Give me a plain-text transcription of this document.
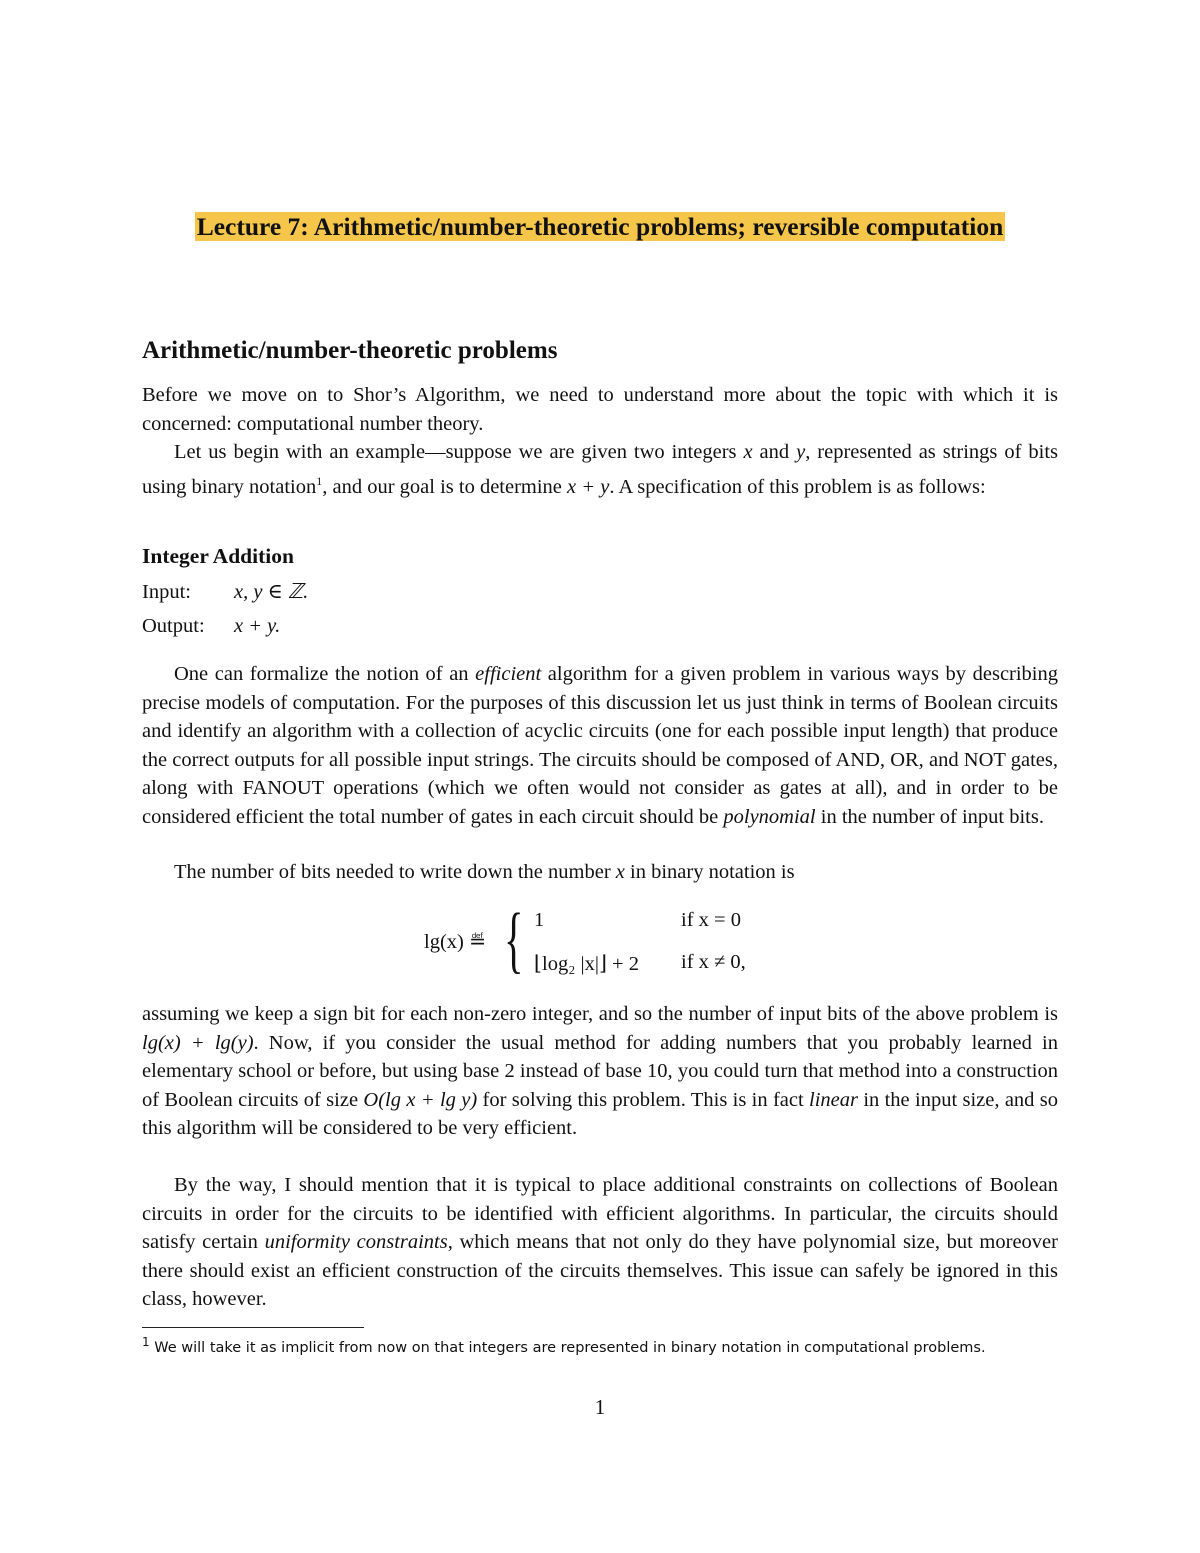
Lecture 7: Arithmetic/number-theoretic problems; reversible computation
Arithmetic/number-theoretic problems

Before we move on to Shor’s Algorithm, we need to understand more about the topic with which it is concerned: computational number theory.

Let us begin with an example—suppose we are given two integers x and y, represented as strings of bits using binary notation$^1$, and our goal is to determine x + y. A specification of this problem is as follows:

Integer Addition
Input: x, y ∈ ℤ.
Output: x + y.

One can formalize the notion of an efficient algorithm for a given problem in various ways by describing precise models of computation. For the purposes of this discussion let us just think in terms of Boolean circuits and identify an algorithm with a collection of acyclic circuits (one for each possible input length) that produce the correct outputs for all possible input strings. The circuits should be composed of AND, OR, and NOT gates, along with FANOUT operations (which we often would not consider as gates at all), and in order to be considered efficient the total number of gates in each circuit should be polynomial in the number of input bits.

The number of bits needed to write down the number x in binary notation is

lg(x) ≝ { 1	if x = 0
⌊log₂ |x|⌋ + 2 if x ≠ 0,

assuming we keep a sign bit for each non-zero integer, and so the number of input bits of the above problem is lg(x) + lg(y). Now, if you consider the usual method for adding numbers that you probably learned in elementary school or before, but using base 2 instead of base 10, you could turn that method into a construction of Boolean circuits of size O(lg x + lg y) for solving this problem. This is in fact linear in the input size, and so this algorithm will be considered to be very efficient.

By the way, I should mention that it is typical to place additional constraints on collections of Boolean circuits in order for the circuits to be identified with efficient algorithms. In particular, the circuits should satisfy certain uniformity constraints, which means that not only do they have polynomial size, but moreover there should exist an efficient construction of the circuits themselves. This issue can safely be ignored in this class, however.

$^1$ We will take it as implicit from now on that integers are represented in binary notation in computational problems.
1
